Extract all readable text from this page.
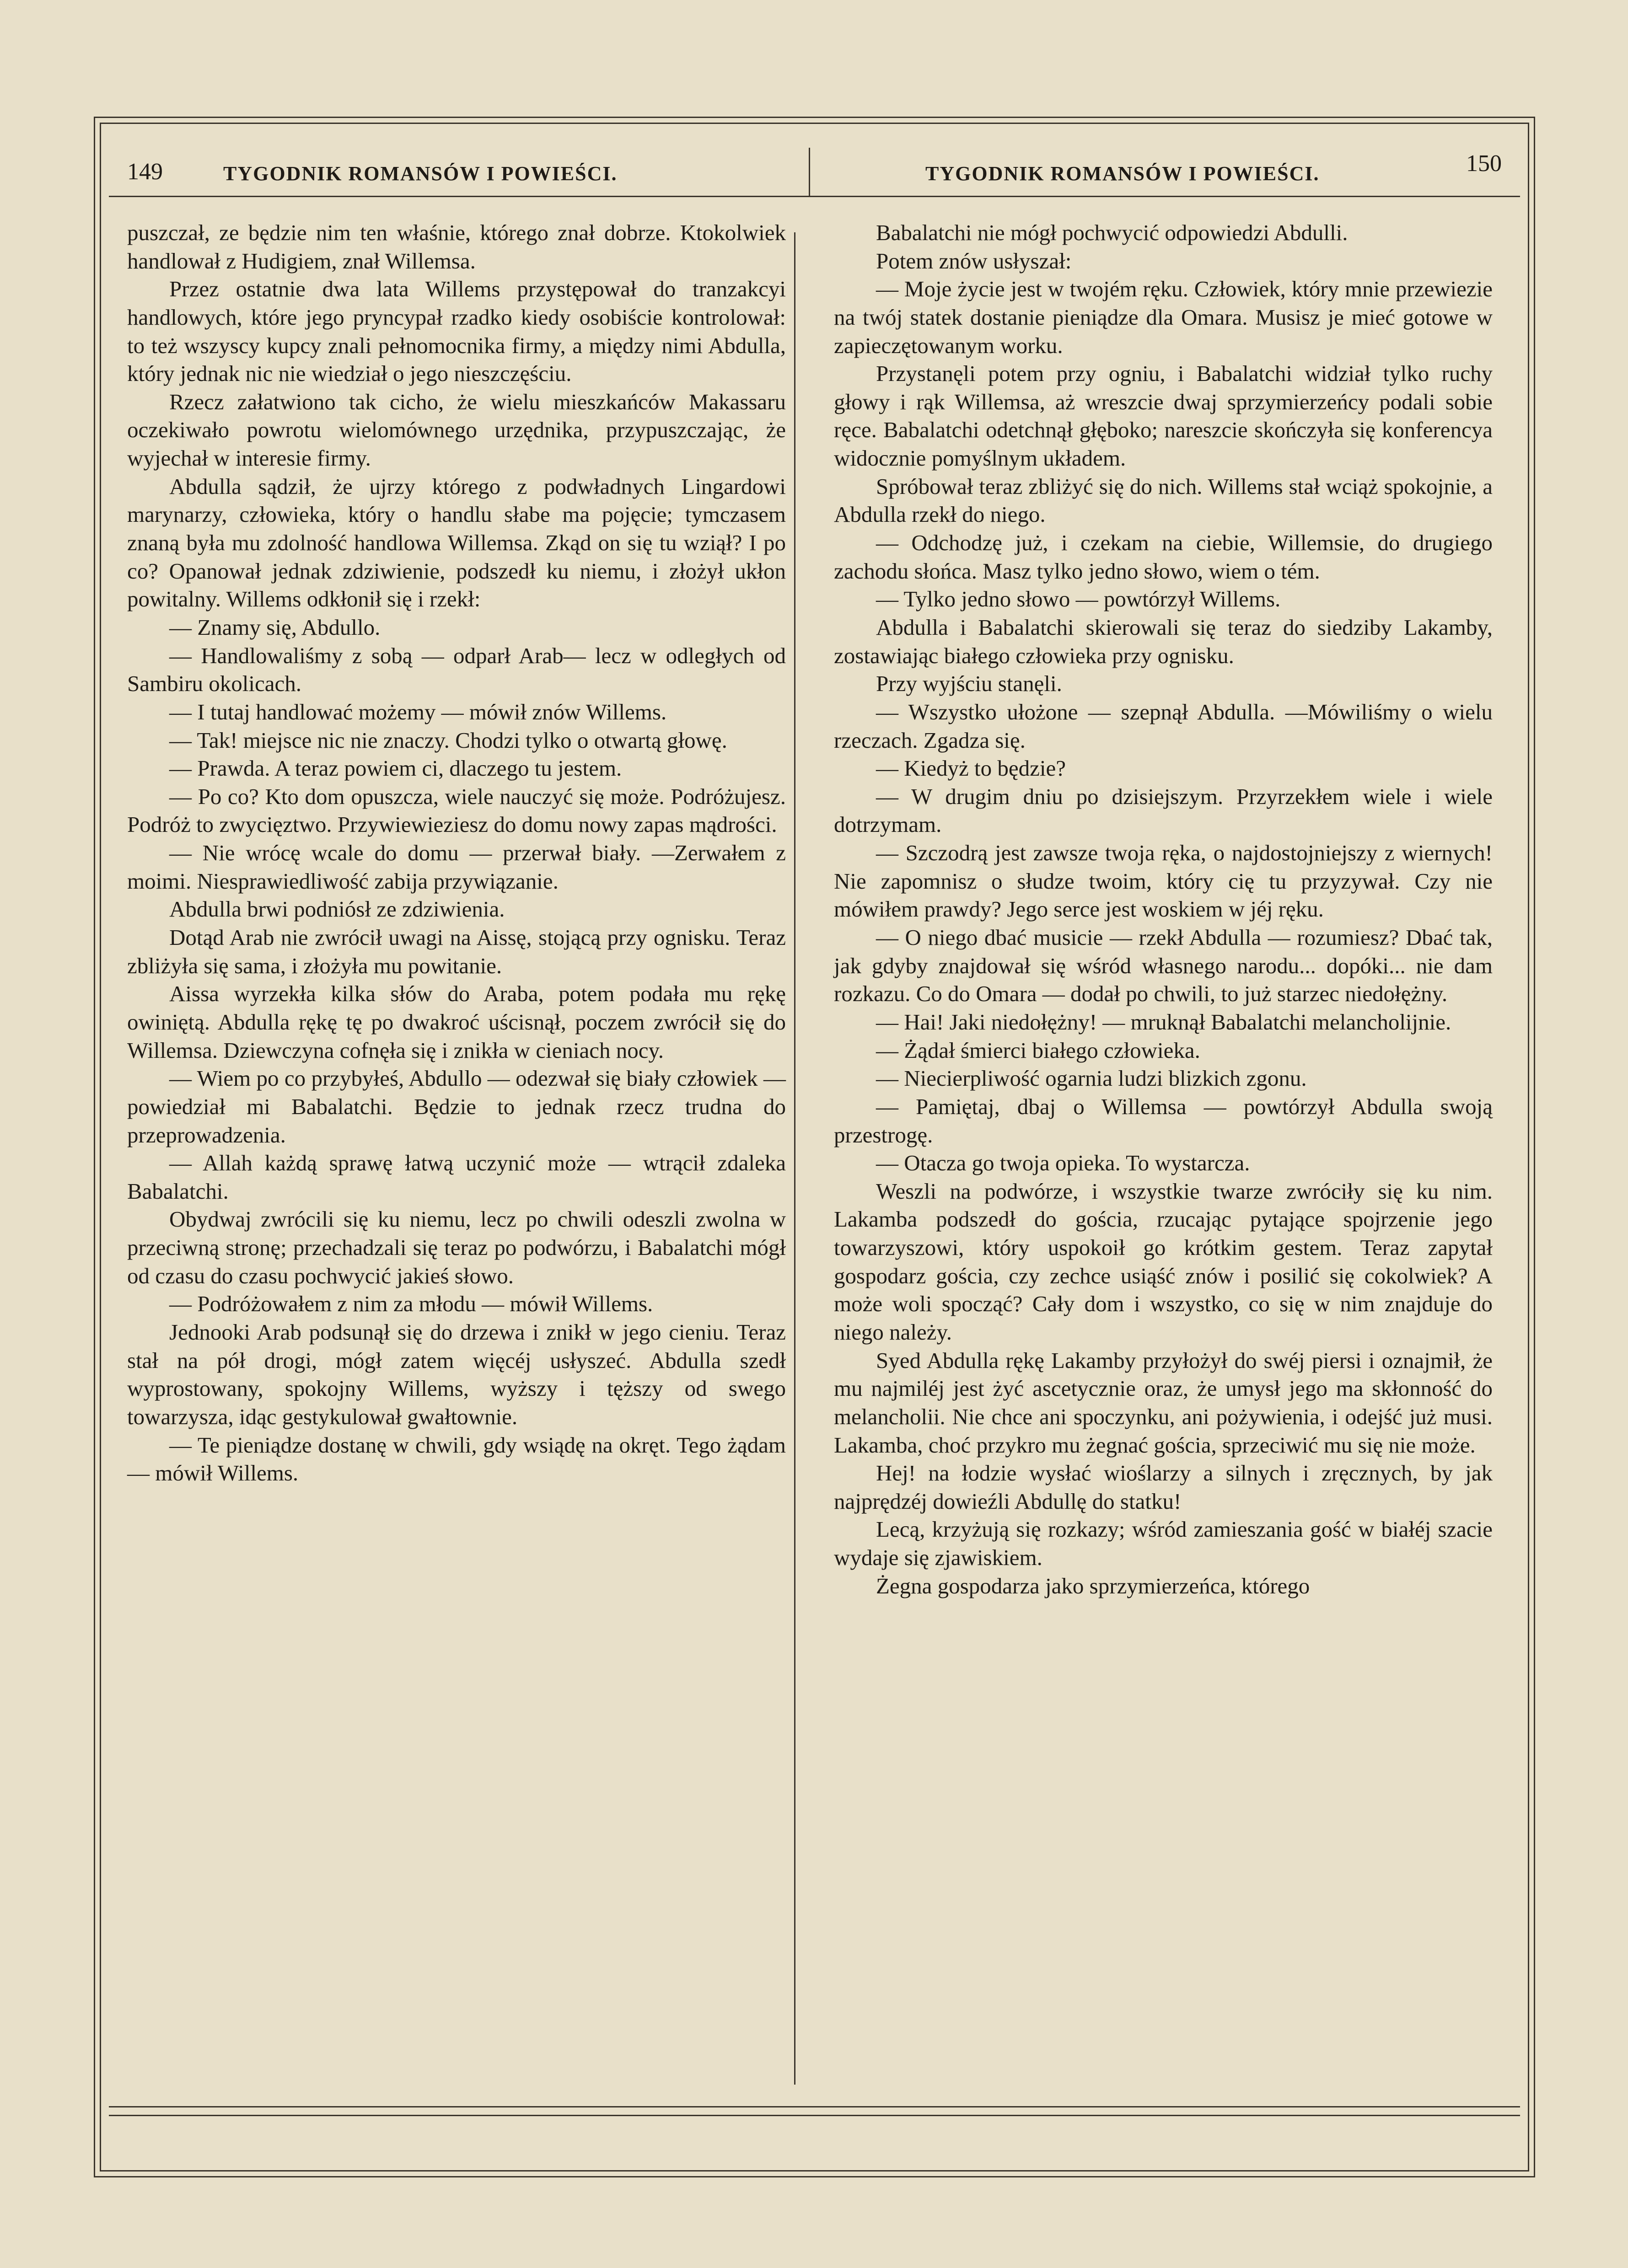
149	TYGODNIK ROMANSÓW I POWIEŚCI.	TYGODNIK ROMANSÓW I POWIEŚCI.	150

puszczał, ze będzie nim ten właśnie, którego znał dobrze. Ktokolwiek handlował z Hudigiem, znał Willemsa.

Przez ostatnie dwa lata Willems przystępował do tranzakcyi handlowych, które jego pryncypał rzadko kiedy osobiście kontrolował: to też wszyscy kupcy znali pełnomocnika firmy, a między nimi Abdulla, który jednak nic nie wiedział o jego nieszczęściu.

Rzecz załatwiono tak cicho, że wielu mieszkańców Makassaru oczekiwało powrotu wielomównego urzędnika, przypuszczając, że wyjechał w interesie firmy.

Abdulla sądził, że ujrzy którego z podwładnych Lingardowi marynarzy, człowieka, który o handlu słabe ma pojęcie; tymczasem znaną była mu zdolność handlowa Willemsa. Zkąd on się tu wziął? I po co? Opanował jednak zdziwienie, podszedł ku niemu, i złożył ukłon powitalny. Willems odkłonił się i rzekł:

— Znamy się, Abdullo.

— Handlowaliśmy z sobą — odparł Arab— lecz w odległych od Sambiru okolicach.

— I tutaj handlować możemy — mówił znów Willems.

— Tak! miejsce nic nie znaczy. Chodzi tylko o otwartą głowę.

— Prawda. A teraz powiem ci, dlaczego tu jestem.

— Po co? Kto dom opuszcza, wiele nauczyć się może. Podróżujesz. Podróż to zwycięztwo. Przywiewieziesz do domu nowy zapas mądrości.

— Nie wrócę wcale do domu — przerwał biały. —Zerwałem z moimi. Niesprawiedliwość zabija przywiązanie.

Abdulla brwi podniósł ze zdziwienia.

Dotąd Arab nie zwrócił uwagi na Aissę, stojącą przy ognisku. Teraz zbliżyła się sama, i złożyła mu powitanie.

Aissa wyrzekła kilka słów do Araba, potem podała mu rękę owiniętą. Abdulla rękę tę po dwakroć uścisnął, poczem zwrócił się do Willemsa. Dziewczyna cofnęła się i znikła w cieniach nocy.

— Wiem po co przybyłeś, Abdullo — odezwał się biały człowiek — powiedział mi Babalatchi. Będzie to jednak rzecz trudna do przeprowadzenia.

— Allah każdą sprawę łatwą uczynić może — wtrącił zdaleka Babalatchi.

Obydwaj zwrócili się ku niemu, lecz po chwili odeszli zwolna w przeciwną stronę; przechadzali się teraz po podwórzu, i Babalatchi mógł od czasu do czasu pochwycić jakieś słowo.

— Podróżowałem z nim za młodu — mówił Willems.

Jednooki Arab podsunął się do drzewa i znikł w jego cieniu. Teraz stał na pół drogi, mógł zatem więcéj usłyszeć. Abdulla szedł wyprostowany, spokojny Willems, wyższy i tęższy od swego towarzysza, idąc gestykulował gwałtownie.

— Te pieniądze dostanę w chwili, gdy wsiądę na okręt. Tego żądam — mówił Willems.

Babalatchi nie mógł pochwycić odpowiedzi Abdulli.

Potem znów usłyszał:

— Moje życie jest w twojém ręku. Człowiek, który mnie przewiezie na twój statek dostanie pieniądze dla Omara. Musisz je mieć gotowe w zapieczętowanym worku.

Przystanęli potem przy ogniu, i Babalatchi widział tylko ruchy głowy i rąk Willemsa, aż wreszcie dwaj sprzymierzeńcy podali sobie ręce. Babalatchi odetchnął głęboko; nareszcie skończyła się konferencya widocznie pomyślnym układem.

Spróbował teraz zbliżyć się do nich. Willems stał wciąż spokojnie, a Abdulla rzekł do niego.

— Odchodzę już, i czekam na ciebie, Willemsie, do drugiego zachodu słońca. Masz tylko jedno słowo, wiem o tém.

— Tylko jedno słowo — powtórzył Willems.

Abdulla i Babalatchi skierowali się teraz do siedziby Lakamby, zostawiając białego człowieka przy ognisku.

Przy wyjściu stanęli.

— Wszystko ułożone — szepnął Abdulla. —Mówiliśmy o wielu rzeczach. Zgadza się.

— Kiedyż to będzie?

— W drugim dniu po dzisiejszym. Przyrzekłem wiele i wiele dotrzymam.

— Szczodrą jest zawsze twoja ręka, o najdostojniejszy z wiernych! Nie zapomnisz o słudze twoim, który cię tu przyzywał. Czy nie mówiłem prawdy? Jego serce jest woskiem w jéj ręku.

— O niego dbać musicie — rzekł Abdulla — rozumiesz? Dbać tak, jak gdyby znajdował się wśród własnego narodu... dopóki... nie dam rozkazu. Co do Omara — dodał po chwili, to już starzec niedołężny.

— Hai! Jaki niedołężny! — mruknął Babalatchi melancholijnie.

— Żądał śmierci białego człowieka.

— Niecierpliwość ogarnia ludzi blizkich zgonu.

— Pamiętaj, dbaj o Willemsa — powtórzył Abdulla swoją przestrogę.

— Otacza go twoja opieka. To wystarcza.

Weszli na podwórze, i wszystkie twarze zwróciły się ku nim. Lakamba podszedł do gościa, rzucając pytające spojrzenie jego towarzyszowi, który uspokoił go krótkim gestem. Teraz zapytał gospodarz gościa, czy zechce usiąść znów i posilić się cokolwiek? A może woli spocząć? Cały dom i wszystko, co się w nim znajduje do niego należy.

Syed Abdulla rękę Lakamby przyłożył do swéj piersi i oznajmił, że mu najmiléj jest żyć ascetycznie oraz, że umysł jego ma skłonność do melancholii. Nie chce ani spoczynku, ani pożywienia, i odejść już musi. Lakamba, choć przykro mu żegnać gościa, sprzeciwić mu się nie może.

Hej! na łodzie wysłać wioślarzy a silnych i zręcznych, by jak najprędzéj dowieźli Abdullę do statku!

Lecą, krzyżują się rozkazy; wśród zamieszania gość w białéj szacie wydaje się zjawiskiem.

Żegna gospodarza jako sprzymierzeńca, którego
